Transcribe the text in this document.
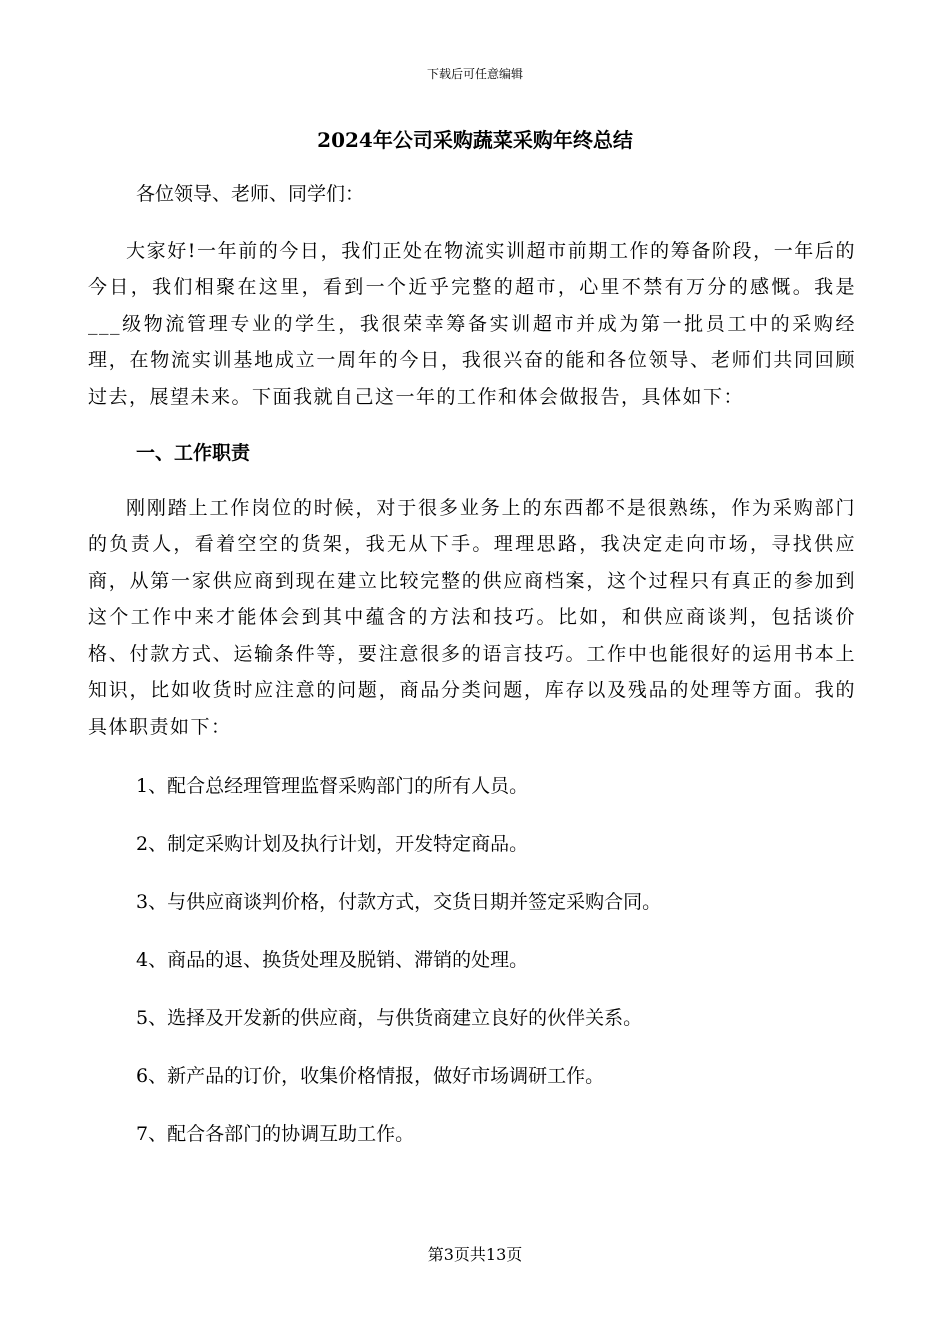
下载后可任意编辑
2024年公司采购蔬菜采购年终总结

各位领导、老师、同学们：

大家好!一年前的今日，我们正处在物流实训超市前期工作的筹备阶段，一年后的今日，我们相聚在这里，看到一个近乎完整的超市，心里不禁有万分的感慨。我是___级物流管理专业的学生，我很荣幸筹备实训超市并成为第一批员工中的采购经理，在物流实训基地成立一周年的今日，我很兴奋的能和各位领导、老师们共同回顾过去，展望未来。下面我就自己这一年的工作和体会做报告，具体如下：

一、工作职责

刚刚踏上工作岗位的时候，对于很多业务上的东西都不是很熟练，作为采购部门的负责人，看着空空的货架，我无从下手。理理思路，我决定走向市场，寻找供应商，从第一家供应商到现在建立比较完整的供应商档案，这个过程只有真正的参加到这个工作中来才能体会到其中蕴含的方法和技巧。比如，和供应商谈判，包括谈价格、付款方式、运输条件等，要注意很多的语言技巧。工作中也能很好的运用书本上知识，比如收货时应注意的问题，商品分类问题，库存以及残品的处理等方面。我的具体职责如下：

1、配合总经理管理监督采购部门的所有人员。

2、制定采购计划及执行计划，开发特定商品。

3、与供应商谈判价格，付款方式，交货日期并签定采购合同。

4、商品的退、换货处理及脱销、滞销的处理。

5、选择及开发新的供应商，与供货商建立良好的伙伴关系。

6、新产品的订价，收集价格情报，做好市场调研工作。

7、配合各部门的协调互助工作。

第3页共13页
